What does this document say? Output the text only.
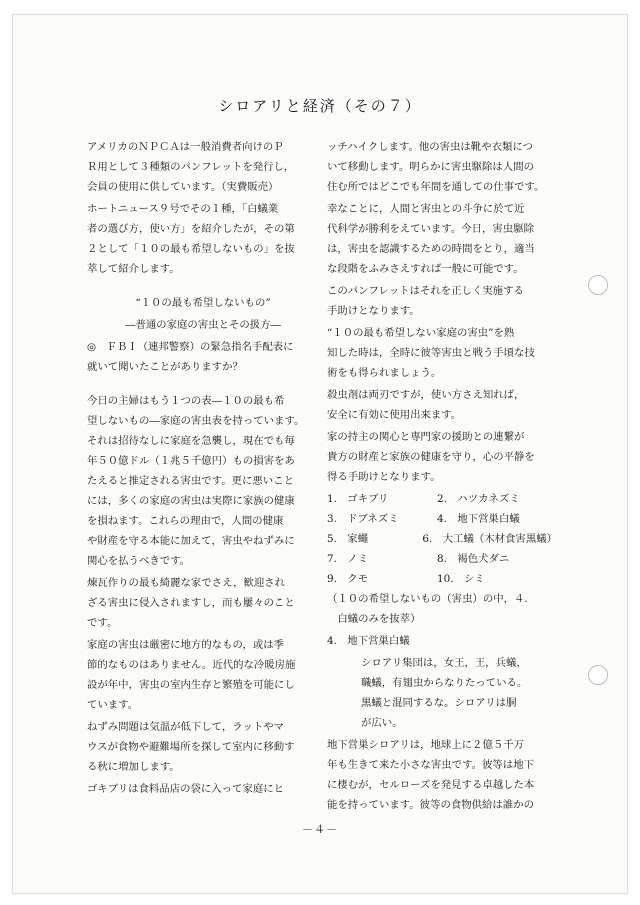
シロアリと経済（その７）

アメリカのＮＰＣＡは一般消費者向けのＰ
Ｒ用として３種類のパンフレットを発行し，
会員の使用に供しています。（実費販売）

ホートニュース９号でその１種，「白蟻業
者の選び方，使い方」を紹介したが，その第
２として「１０の最も希望しないもの」を抜
萃して紹介します。

“１０の最も希望しないもの”

―普通の家庭の害虫とその扱方―

◎　ＦＢＩ（連邦警察）の緊急指名手配表に
就いて聞いたことがありますか？

今日の主婦はもう１つの表―１０の最も希
望しないもの―家庭の害虫表を持っています。
それは招待なしに家庭を急襲し，現在でも毎
年５０億ドル（１兆５千億円）もの損害をあ
たえると推定される害虫です。更に悪いこと
には，多くの家庭の害虫は実際に家族の健康
を損ねます。これらの理由で，人間の健康
や財産を守る本能に加えて，害虫やねずみに
関心を払うべきです。

煉瓦作りの最も綺麗な家でさえ，歓迎され
ざる害虫に侵入されますし，而も屢々のこと
です。

家庭の害虫は厳密に地方的なもの，或は季
節的なものはありません。近代的な冷暖房施
設が年中，害虫の室内生存と繁殖を可能にし
ています。

ねずみ問題は気温が低下して，ラットやマ
ウスが食物や避難場所を探して室内に移動す
る秋に増加します。

ゴキブリは食料品店の袋に入って家庭にヒ

ッチハイクします。他の害虫は靴や衣類につ
いて移動します。明らかに害虫駆除は人間の
住む所ではどこでも年間を通しての仕事です。

幸なことに，人間と害虫との斗争に於て近
代科学が勝利をえています。今日，害虫駆除
は，害虫を認識するための時間をとり，適当
な段階をふみさえすれば一般に可能です。

このパンフレットはそれを正しく実施する
手助けとなります。

“１０の最も希望しない家庭の害虫”を熟
知した時は，全時に彼等害虫と戦う手頃な技
術をも得られましょう。

殺虫剤は両刃ですが，使い方さえ知れば，
安全に有効に使用出来ます。

家の持主の関心と専門家の援助との連繋が
貴方の財産と家族の健康を守り，心の平静を
得る手助けとなります。

1.　ゴキブリ	2.　ハツカネズミ
3.　ドブネズミ	4.　地下営巣白蟻
5.　家蠅	6.　大工蟻（木材食害黒蟻）
7.　ノミ	8.　褐色犬ダニ
9.　クモ	10.　シミ

（１０の希望しないもの（害虫）の中，４.
　白蟻のみを抜萃）

4.　地下営巣白蟻

シロアリ集団は，女王，王，兵蟻，
職蟻，有翅虫からなりたっている。
黒蟻と混同するな。シロアリは胴
が広い。

地下営巣シロアリは，地球上に２億５千万
年も生きて来た小さな害虫です。彼等は地下
に棲むが，セルローズを発見する卓越した本
能を持っています。彼等の食物供給は誰かの

－４－
